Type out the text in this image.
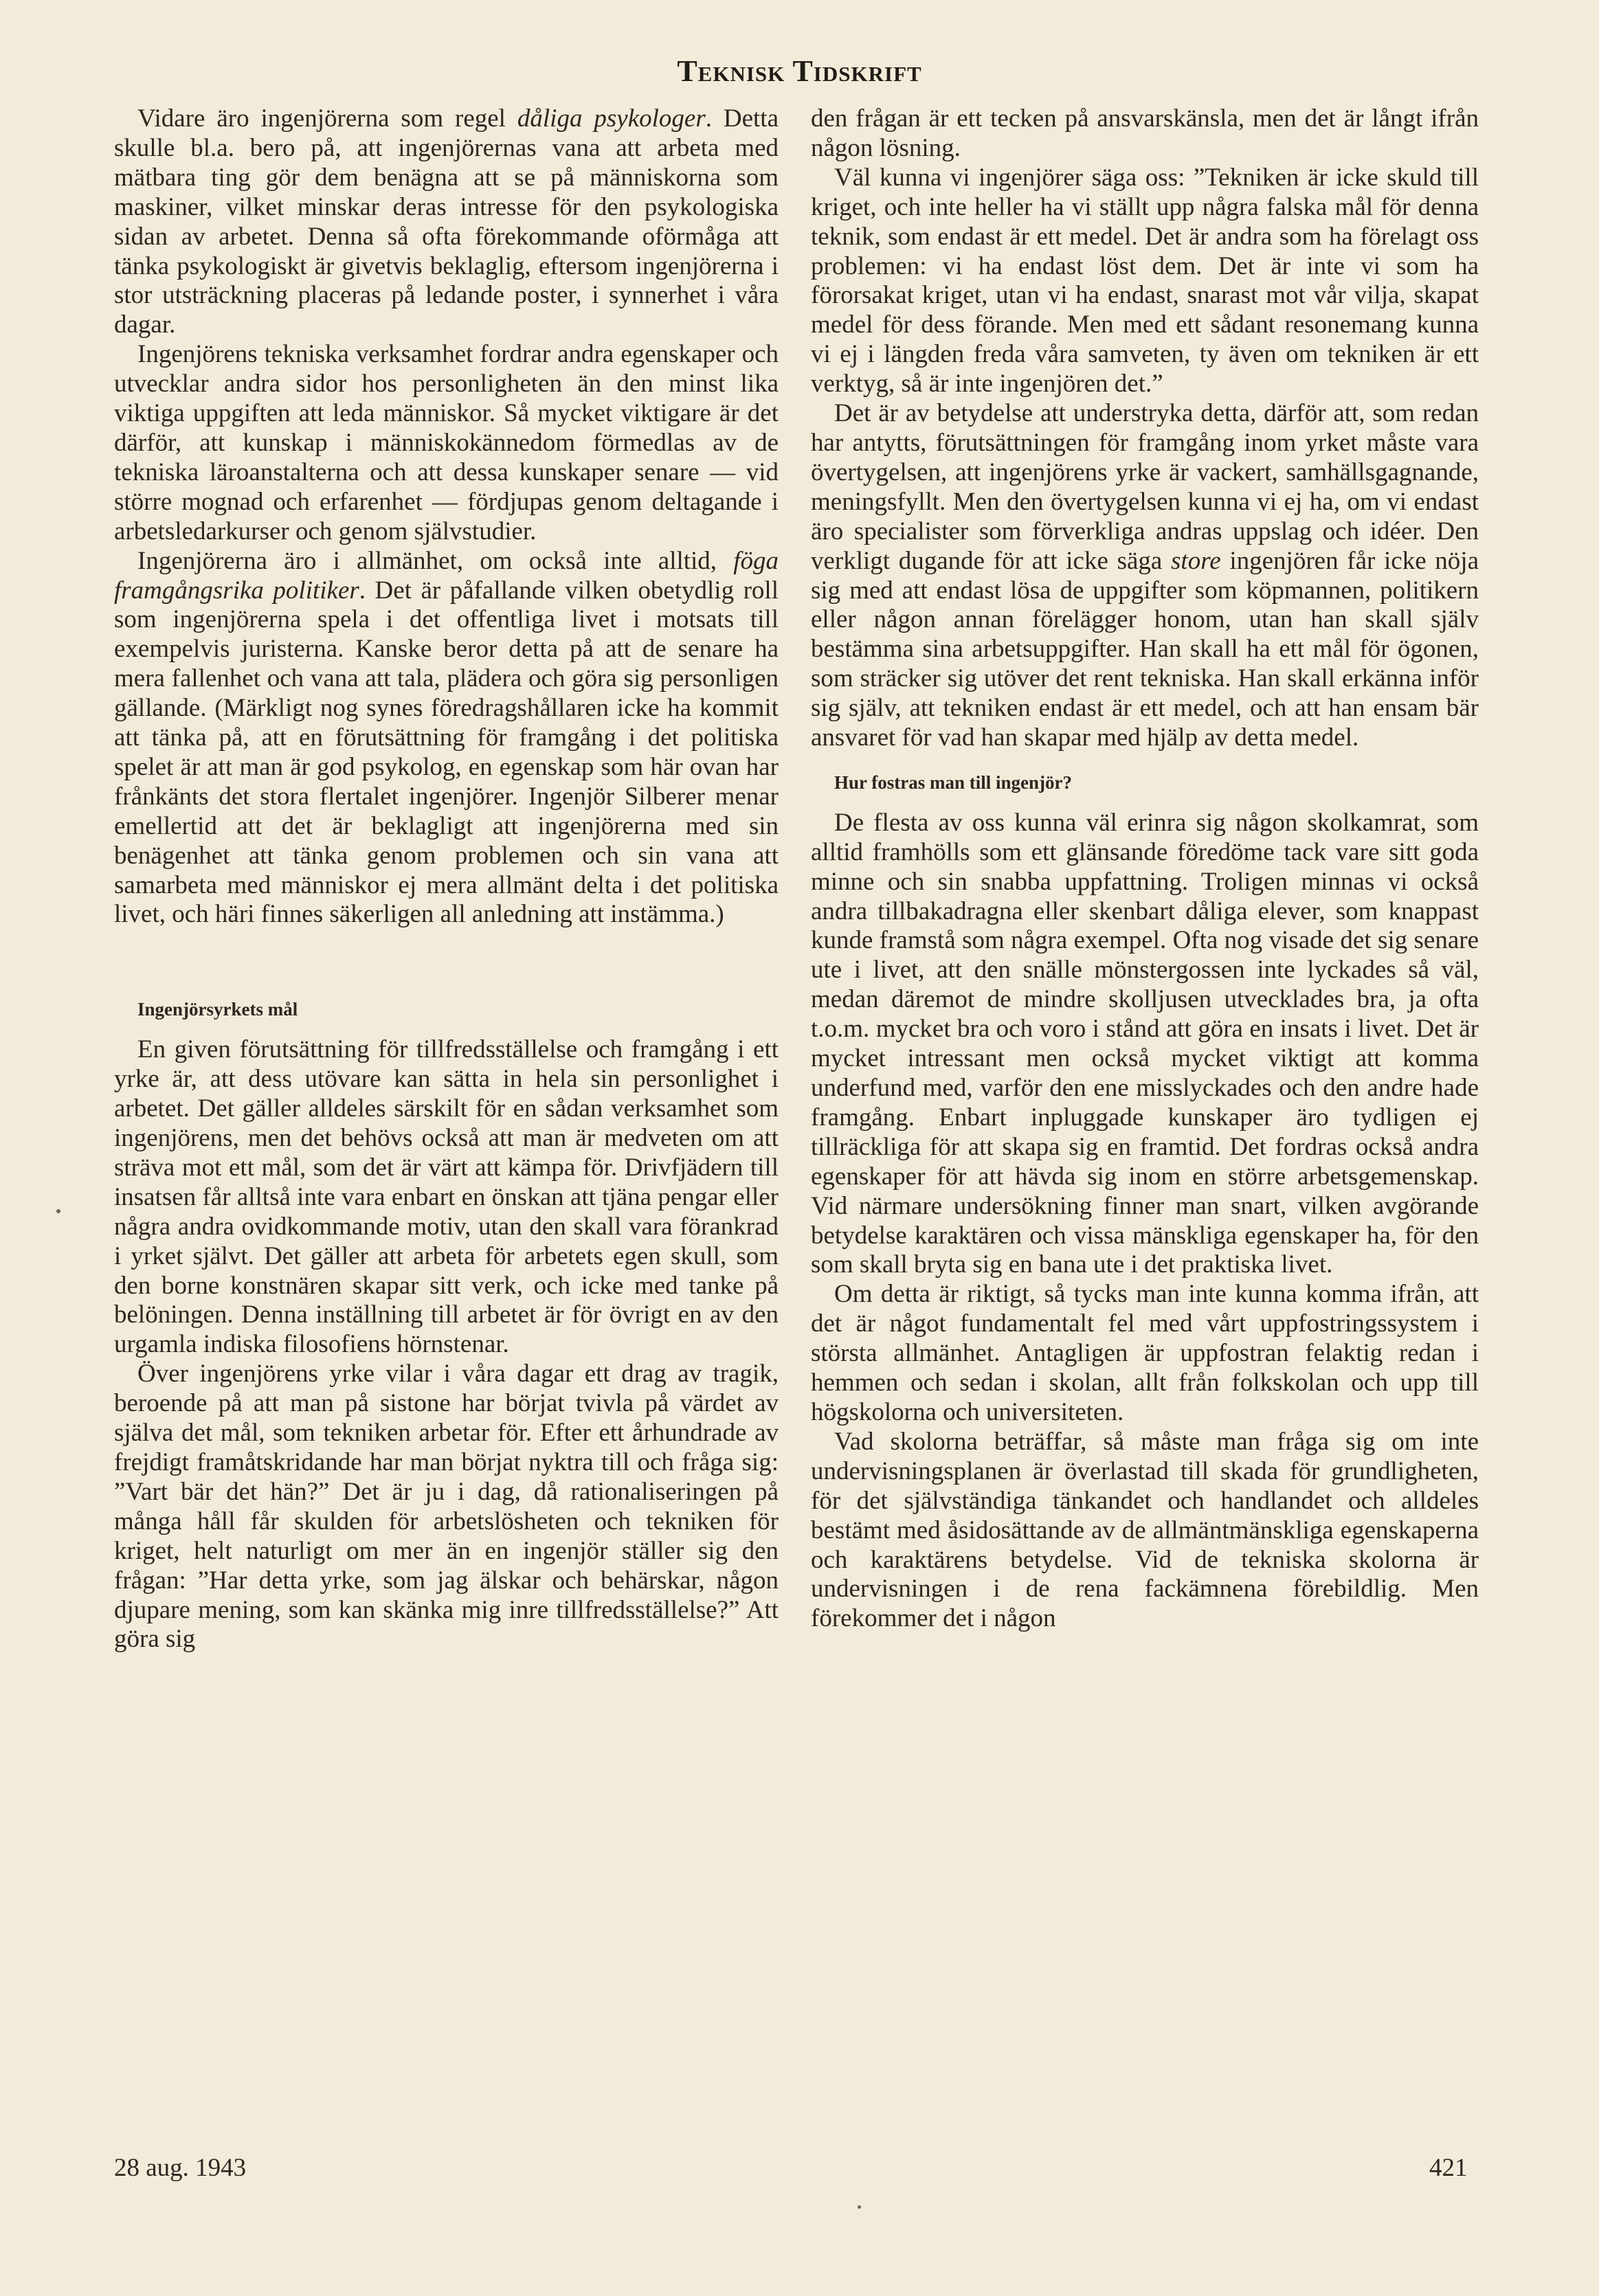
Teknisk Tidskrift

Vidare äro ingenjörerna som regel dåliga psykologer. Detta skulle bl.a. bero på, att ingenjörernas vana att arbeta med mätbara ting gör dem benägna att se på människorna som maskiner, vilket minskar deras intresse för den psykologiska sidan av arbetet. Denna så ofta förekommande oförmåga att tänka psykologiskt är givetvis beklaglig, eftersom ingenjörerna i stor utsträckning placeras på ledande poster, i synnerhet i våra dagar.

Ingenjörens tekniska verksamhet fordrar andra egenskaper och utvecklar andra sidor hos personligheten än den minst lika viktiga uppgiften att leda människor. Så mycket viktigare är det därför, att kunskap i människokännedom förmedlas av de tekniska läroanstalterna och att dessa kunskaper senare — vid större mognad och erfarenhet — fördjupas genom deltagande i arbetsledarkurser och genom självstudier.

Ingenjörerna äro i allmänhet, om också inte alltid, föga framgångsrika politiker. Det är påfallande vilken obetydlig roll som ingenjörerna spela i det offentliga livet i motsats till exempelvis juristerna. Kanske beror detta på att de senare ha mera fallenhet och vana att tala, plädera och göra sig personligen gällande. (Märkligt nog synes föredragshållaren icke ha kommit att tänka på, att en förutsättning för framgång i det politiska spelet är att man är god psykolog, en egenskap som här ovan har frånkänts det stora flertalet ingenjörer. Ingenjör Silberer menar emellertid att det är beklagligt att ingenjörerna med sin benägenhet att tänka genom problemen och sin vana att samarbeta med människor ej mera allmänt delta i det politiska livet, och häri finnes säkerligen all anledning att instämma.)

Ingenjörsyrkets mål

En given förutsättning för tillfredsställelse och framgång i ett yrke är, att dess utövare kan sätta in hela sin personlighet i arbetet. Det gäller alldeles särskilt för en sådan verksamhet som ingenjörens, men det behövs också att man är medveten om att sträva mot ett mål, som det är värt att kämpa för. Drivfjädern till insatsen får alltså inte vara enbart en önskan att tjäna pengar eller några andra ovidkommande motiv, utan den skall vara förankrad i yrket självt. Det gäller att arbeta för arbetets egen skull, som den borne konstnären skapar sitt verk, och icke med tanke på belöningen. Denna inställning till arbetet är för övrigt en av den urgamla indiska filosofiens hörnstenar.

Över ingenjörens yrke vilar i våra dagar ett drag av tragik, beroende på att man på sistone har börjat tvivla på värdet av själva det mål, som tekniken arbetar för. Efter ett århundrade av frejdigt framåtskridande har man börjat nyktra till och fråga sig: ”Vart bär det hän?” Det är ju i dag, då rationaliseringen på många håll får skulden för arbetslösheten och tekniken för kriget, helt naturligt om mer än en ingenjör ställer sig den frågan: ”Har detta yrke, som jag älskar och behärskar, någon djupare mening, som kan skänka mig inre tillfredsställelse?” Att göra sig

den frågan är ett tecken på ansvarskänsla, men det är långt ifrån någon lösning.

Väl kunna vi ingenjörer säga oss: ”Tekniken är icke skuld till kriget, och inte heller ha vi ställt upp några falska mål för denna teknik, som endast är ett medel. Det är andra som ha förelagt oss problemen: vi ha endast löst dem. Det är inte vi som ha förorsakat kriget, utan vi ha endast, snarast mot vår vilja, skapat medel för dess förande. Men med ett sådant resonemang kunna vi ej i längden freda våra samveten, ty även om tekniken är ett verktyg, så är inte ingenjören det.”

Det är av betydelse att understryka detta, därför att, som redan har antytts, förutsättningen för framgång inom yrket måste vara övertygelsen, att ingenjörens yrke är vackert, samhällsgagnande, meningsfyllt. Men den övertygelsen kunna vi ej ha, om vi endast äro specialister som förverkliga andras uppslag och idéer. Den verkligt dugande för att icke säga store ingenjören får icke nöja sig med att endast lösa de uppgifter som köpmannen, politikern eller någon annan förelägger honom, utan han skall själv bestämma sina arbetsuppgifter. Han skall ha ett mål för ögonen, som sträcker sig utöver det rent tekniska. Han skall erkänna inför sig själv, att tekniken endast är ett medel, och att han ensam bär ansvaret för vad han skapar med hjälp av detta medel.

Hur fostras man till ingenjör?

De flesta av oss kunna väl erinra sig någon skolkamrat, som alltid framhölls som ett glänsande föredöme tack vare sitt goda minne och sin snabba uppfattning. Troligen minnas vi också andra tillbakadragna eller skenbart dåliga elever, som knappast kunde framstå som några exempel. Ofta nog visade det sig senare ute i livet, att den snälle mönstergossen inte lyckades så väl, medan däremot de mindre skolljusen utvecklades bra, ja ofta t.o.m. mycket bra och voro i stånd att göra en insats i livet. Det är mycket intressant men också mycket viktigt att komma underfund med, varför den ene misslyckades och den andre hade framgång. Enbart inpluggade kunskaper äro tydligen ej tillräckliga för att skapa sig en framtid. Det fordras också andra egenskaper för att hävda sig inom en större arbetsgemenskap. Vid närmare undersökning finner man snart, vilken avgörande betydelse karaktären och vissa mänskliga egenskaper ha, för den som skall bryta sig en bana ute i det praktiska livet.

Om detta är riktigt, så tycks man inte kunna komma ifrån, att det är något fundamentalt fel med vårt uppfostringssystem i största allmänhet. Antagligen är uppfostran felaktig redan i hemmen och sedan i skolan, allt från folkskolan och upp till högskolorna och universiteten.

Vad skolorna beträffar, så måste man fråga sig om inte undervisningsplanen är överlastad till skada för grundligheten, för det självständiga tänkandet och handlandet och alldeles bestämt med åsidosättande av de allmäntmänskliga egenskaperna och karaktärens betydelse. Vid de tekniska skolorna är undervisningen i de rena fackämnena förebildlig. Men förekommer det i någon

28 aug. 1943	421
